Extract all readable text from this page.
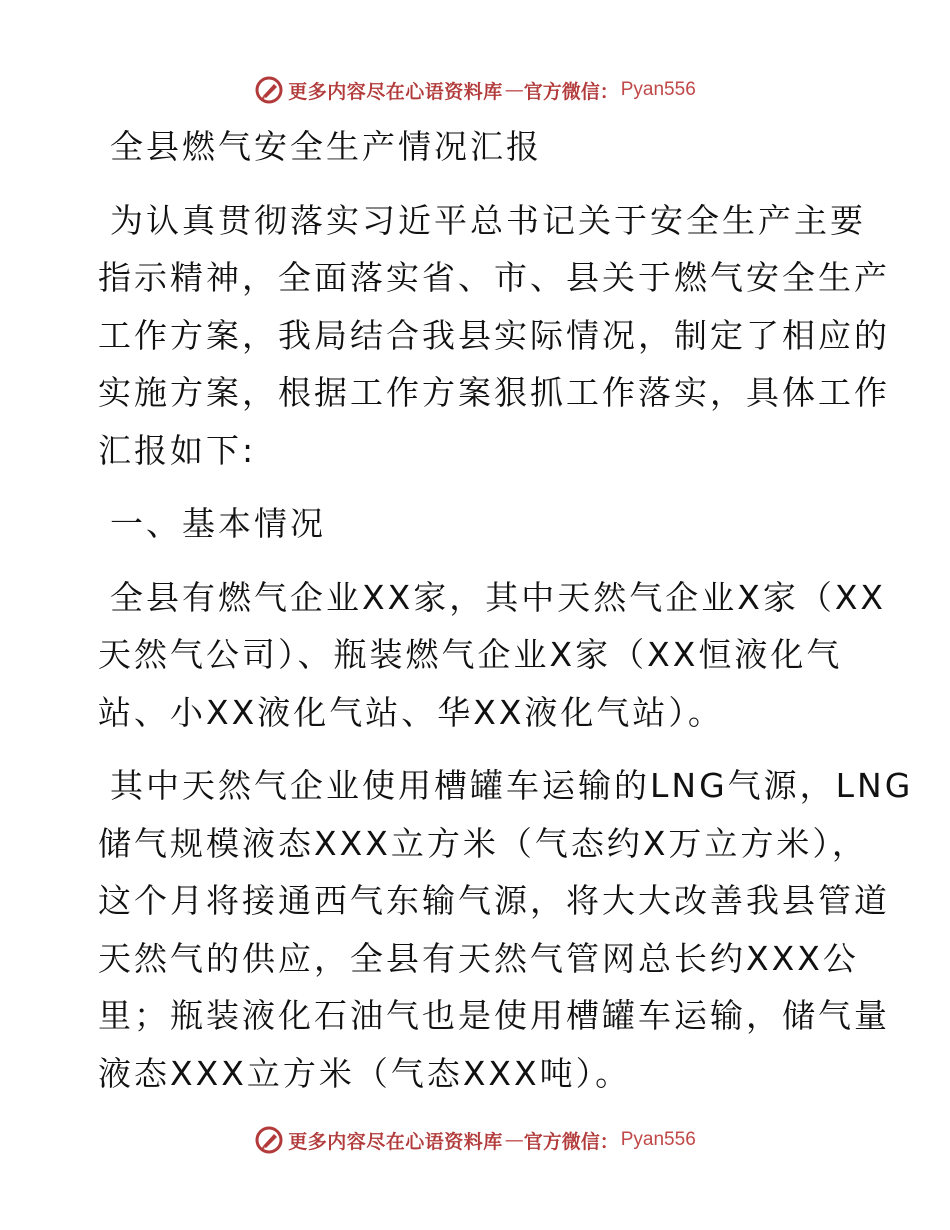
更多内容尽在心语资料库 — 官方微信： Pyan556
全县燃气安全生产情况汇报
为认真贯彻落实习近平总书记关于安全生产主要
指示精神，全面落实省、市、县关于燃气安全生产
工作方案，我局结合我县实际情况，制定了相应的
实施方案，根据工作方案狠抓工作落实，具体工作
汇报如下:
一、基本情况
全县有燃气企业XX家，其中天然气企业X家（XX
天然气公司）、瓶装燃气企业X家（XX恒液化气
站、小XX液化气站、华XX液化气站）。
其中天然气企业使用槽罐车运输的LNG气源，LNG
储气规模液态XXX立方米（气态约X万立方米），
这个月将接通西气东输气源，将大大改善我县管道
天然气的供应，全县有天然气管网总长约XXX公
里；瓶装液化石油气也是使用槽罐车运输，储气量
液态XXX立方米（气态XXX吨）。
更多内容尽在心语资料库 — 官方微信： Pyan556
